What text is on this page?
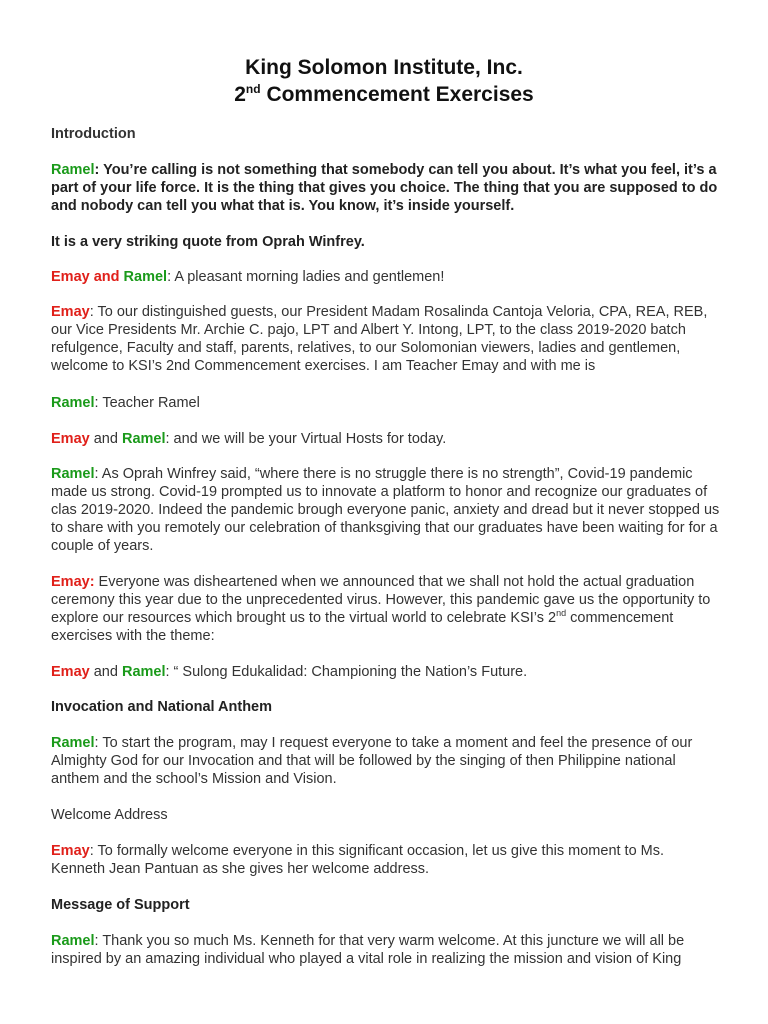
King Solomon Institute, Inc.
2nd Commencement Exercises
Introduction
Ramel: You’re calling is not something that somebody can tell you about. It’s what you feel, it’s a part of your life force. It is the thing that gives you choice. The thing that you are supposed to do and nobody can tell you what that is. You know, it’s inside yourself.
It is a very striking quote from Oprah Winfrey.
Emay and Ramel: A pleasant morning ladies and gentlemen!
Emay: To our distinguished guests, our President Madam Rosalinda Cantoja Veloria, CPA, REA, REB, our Vice Presidents Mr. Archie C. pajo, LPT and Albert Y. Intong, LPT, to the class 2019-2020 batch refulgence, Faculty and staff, parents, relatives, to our Solomonian viewers, ladies and gentlemen, welcome to KSI’s 2nd Commencement exercises. I am Teacher Emay and with me is
Ramel: Teacher Ramel
Emay and Ramel: and we will be your Virtual Hosts for today.
Ramel: As Oprah Winfrey said, “where there is no struggle there is no strength”, Covid-19 pandemic made us strong. Covid-19 prompted us to innovate a platform to honor and recognize our graduates of clas 2019-2020. Indeed the pandemic brough everyone panic, anxiety and dread but it never stopped us to share with you remotely our celebration of thanksgiving that our graduates have been waiting for for a couple of years.
Emay: Everyone was disheartened when we announced that we shall not hold the actual graduation ceremony this year due to the unprecedented virus. However, this pandemic gave us the opportunity to explore our resources which brought us to the virtual world to celebrate KSI’s 2nd commencement exercises with the theme:
Emay and Ramel: “ Sulong Edukalidad: Championing the Nation’s Future.
Invocation and National Anthem
Ramel: To start the program, may I request everyone to take a moment and feel the presence of our Almighty God for our Invocation and that will be followed by the singing of then Philippine national anthem and the school’s Mission and Vision.
Welcome Address
Emay: To formally welcome everyone in this significant occasion, let us give this moment to Ms. Kenneth Jean Pantuan as she gives her welcome address.
Message of Support
Ramel: Thank you so much Ms. Kenneth for that very warm welcome. At this juncture we will all be inspired by an amazing individual who played a vital role in realizing the mission and vision of King
